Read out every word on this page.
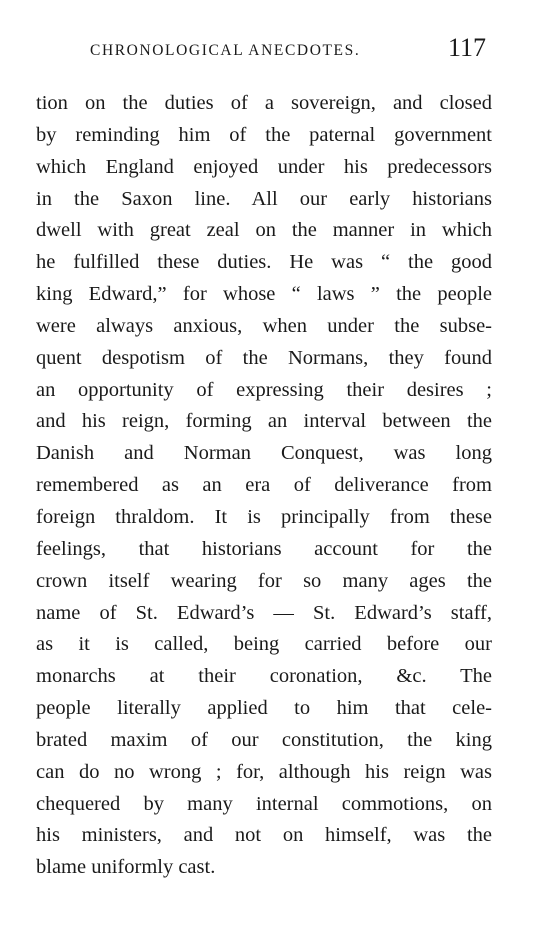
CHRONOLOGICAL ANECDOTES.	117
tion on the duties of a sovereign, and closed
by reminding him of the paternal government
which England enjoyed under his predecessors
in the Saxon line. All our early historians
dwell with great zeal on the manner in which
he fulfilled these duties. He was “ the good
king Edward,” for whose “ laws ” the people
were always anxious, when under the subse-
quent despotism of the Normans, they found
an opportunity of expressing their desires ;
and his reign, forming an interval between the
Danish and Norman Conquest, was long
remembered as an era of deliverance from
foreign thraldom. It is principally from these
feelings, that historians account for the
crown itself wearing for so many ages the
name of St. Edward’s — St. Edward’s staff,
as it is called, being carried before our
monarchs at their coronation, &c. The
people literally applied to him that cele-
brated maxim of our constitution, the king
can do no wrong ; for, although his reign was
chequered by many internal commotions, on
his ministers, and not on himself, was the
blame uniformly cast.
